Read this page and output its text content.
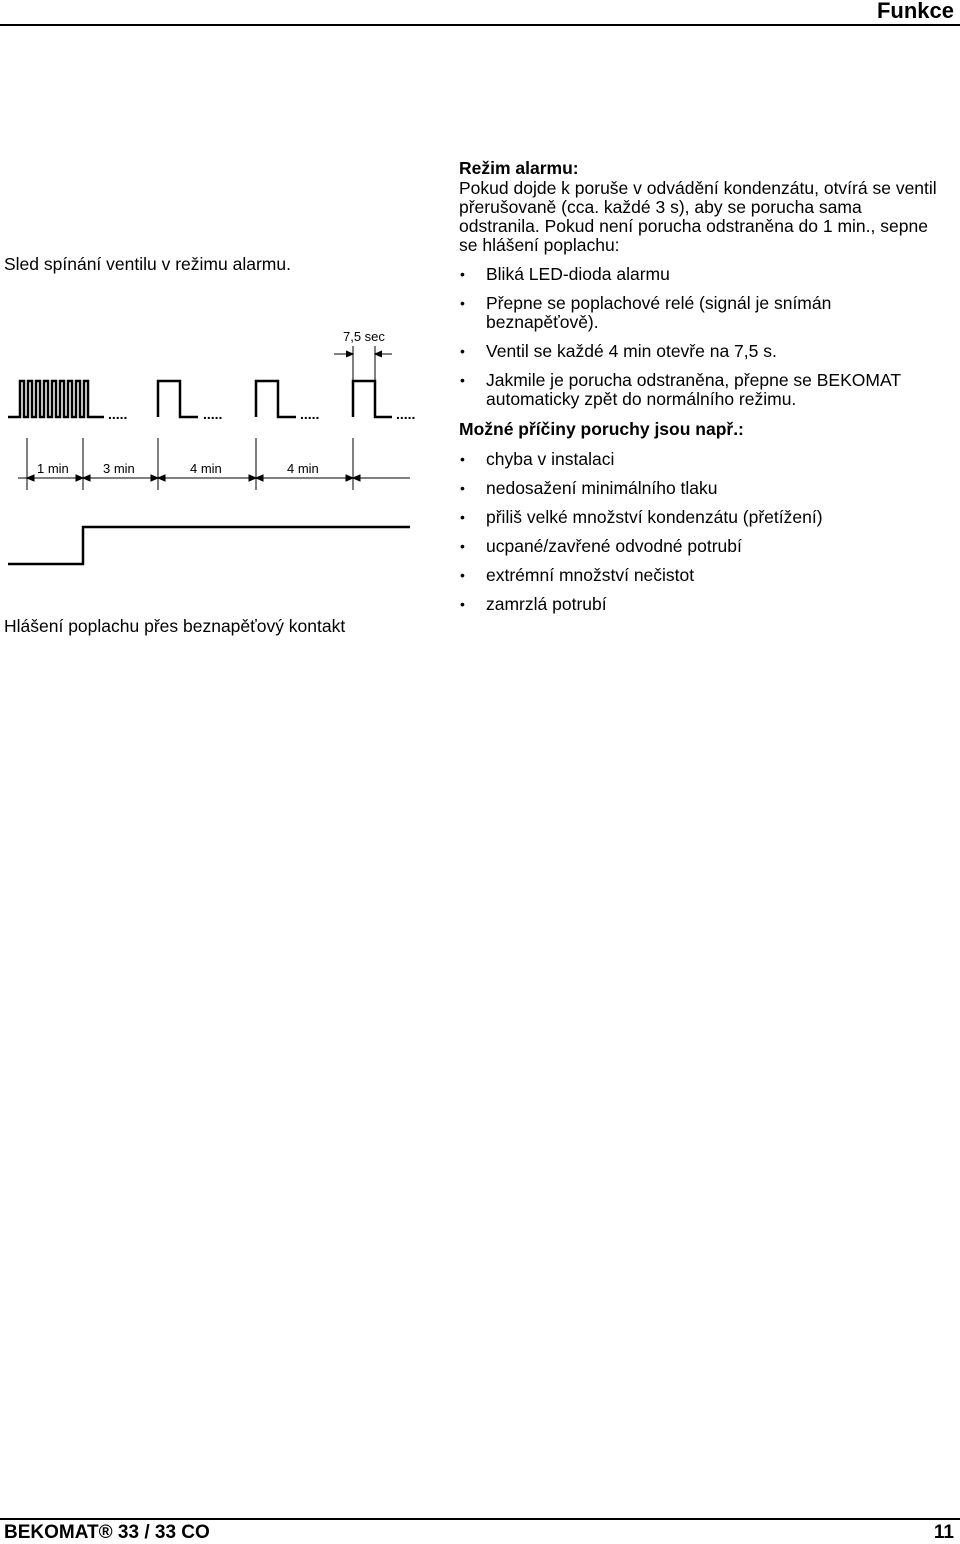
Funkce
Sled spínání ventilu v režimu alarmu.
.....	.....	.....	.....
7,5 sec
1 min	3 min	4 min	4 min
Hlášení poplachu přes beznapěťový kontakt
Režim alarmu:

Pokud dojde k poruše v odvádění kondenzátu, otvírá se ventil přerušovaně (cca. každé 3 s), aby se porucha sama odstranila. Pokud není porucha odstraněna do 1 min., sepne se hlášení poplachu:

• Bliká LED-dioda alarmu
• Přepne se poplachové relé (signál je snímán beznapěťově).
• Ventil se každé 4 min otevře na 7,5 s.
• Jakmile je porucha odstraněna, přepne se BEKOMAT automaticky zpět do normálního režimu.
Možné příčiny poruchy jsou např.:
• chyba v instalaci
• nedosažení minimálního tlaku
• přiliš velké množství kondenzátu (přetížení)
• ucpané/zavřené odvodné potrubí
• extrémní množství nečistot
• zamrzlá potrubí
BEKOMAT® 33 / 33 CO	11
